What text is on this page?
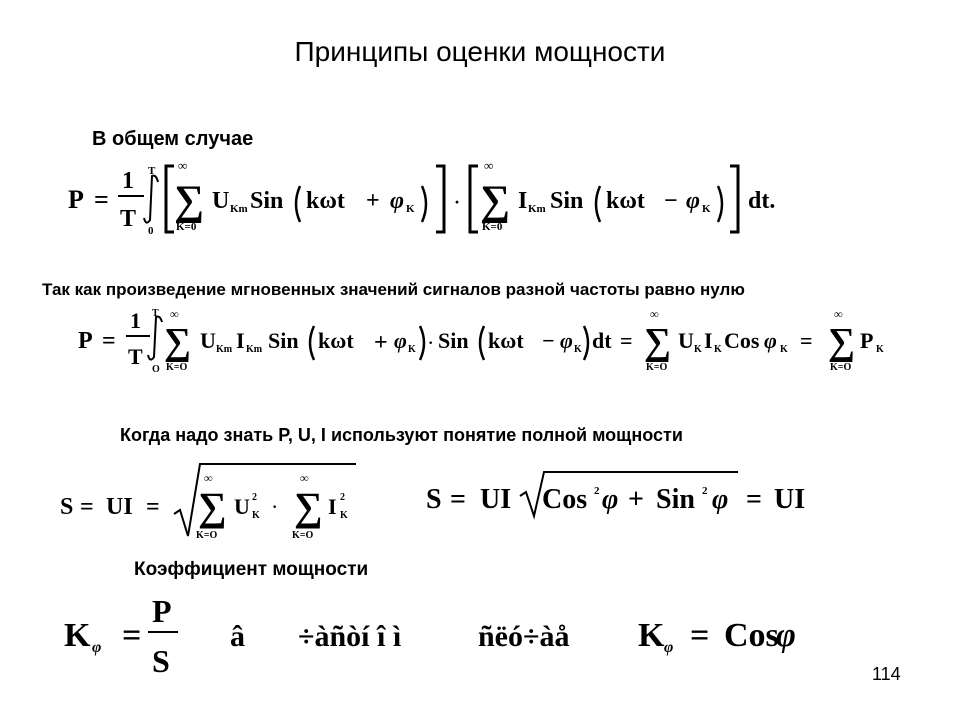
Принципы оценки мощности
В общем случае
P =
1
T
T
0
∞
∑
K=0
U Km Sin kωt + φ K ·
∞
∑
K=0
I Km Sin kωt − φ K dt.
Так как произведение мгновенных значений сигналов разной частоты равно нулю
P =
1
T
T
O
∞
∑
K=O
U Km I Km Sin kωt + φ K · Sin kωt − φ K dt =
∞
∑
K=O
U K I K Cos φ K =
∞
∑
K=O
P K
Когда надо знать P, U, I используют понятие полной мощности
S = UI =
∞
∑
K=O
U 2
K ·
∞
∑
K=O
I 2
K
S = UI Cos 2 φ + Sin 2 φ = UI
Коэффициент мощности
K φ =
P
S
â ÷àñòí î ì	ñëó÷àå K φ = Cos
φ
114
